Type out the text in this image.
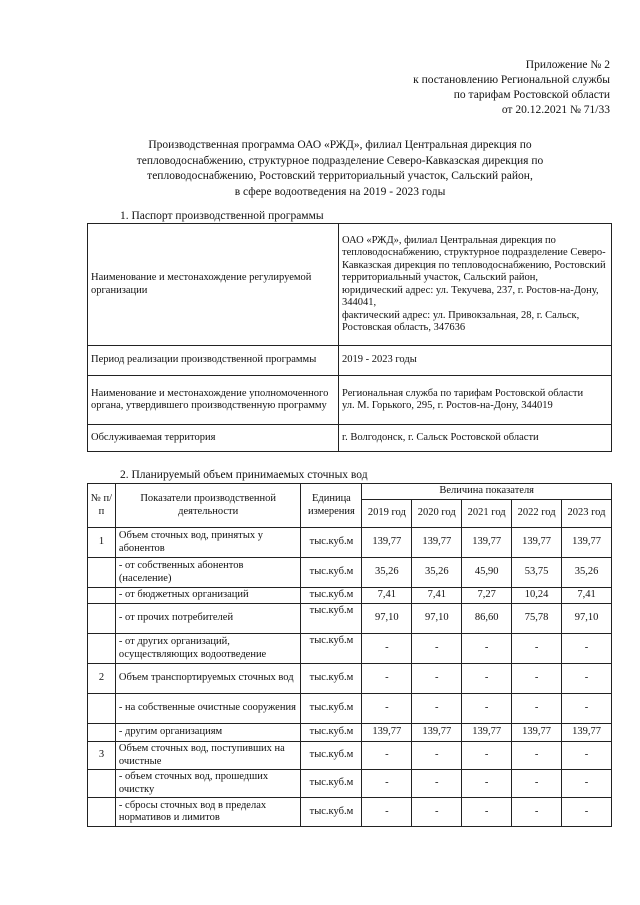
Приложение № 2
к постановлению Региональной службы
по тарифам Ростовской области
от 20.12.2021 № 71/33
Производственная программа ОАО «РЖД», филиал Центральная дирекция по
тепловодоснабжению, структурное подразделение Северо-Кавказская дирекция по
тепловодоснабжению, Ростовский территориальный участок, Сальский район,
в сфере водоотведения на 2019 - 2023 годы
1. Паспорт производственной программы
Наименование и местонахождение регулируемой организации	ОАО «РЖД», филиал Центральная дирекция по тепловодоснабжению, структурное подразделение Северо-Кавказская дирекция по тепловодоснабжению, Ростовский территориальный участок, Сальский район,
юридический адрес: ул. Текучева, 237, г. Ростов-на-Дону, 344041,
фактический адрес: ул. Привокзальная, 28, г. Сальск, Ростовская область, 347636

Период реализации производственной программы	2019 - 2023 годы
Наименование и местонахождение уполномоченного органа, утвердившего производственную программу	Региональная служба по тарифам Ростовской области
ул. М. Горького, 295, г. Ростов-на-Дону, 344019

Обслуживаемая территория	г. Волгодонск, г. Сальск Ростовской области
2. Планируемый объем принимаемых сточных вод
№ п/п	Показатели производственной деятельности	Единица измерения	Величина показателя				
			2019 год	2020 год	2021 год	2022 год	2023 год
1	Объем сточных вод, принятых у абонентов	тыс.куб.м	139,77	139,77	139,77	139,77	139,77
	- от собственных абонентов (население)	тыс.куб.м	35,26	35,26	45,90	53,75	35,26
	- от бюджетных организаций	тыс.куб.м	7,41	7,41	7,27	10,24	7,41
	- от прочих потребителей	тыс.куб.м	97,10	97,10	86,60	75,78	97,10
	- от других организаций, осуществляющих водоотведение	тыс.куб.м	-	-	-	-	-
2	Объем транспортируемых сточных вод	тыс.куб.м	-	-	-	-	-
	- на собственные очистные сооружения	тыс.куб.м	-	-	-	-	-
	- другим организациям	тыс.куб.м	139,77	139,77	139,77	139,77	139,77
3	Объем сточных вод, поступивших на очистные	тыс.куб.м	-	-	-	-	-
	- объем сточных вод, прошедших очистку	тыс.куб.м	-	-	-	-	-
	- сбросы сточных вод в пределах нормативов и лимитов	тыс.куб.м	-	-	-	-	-
